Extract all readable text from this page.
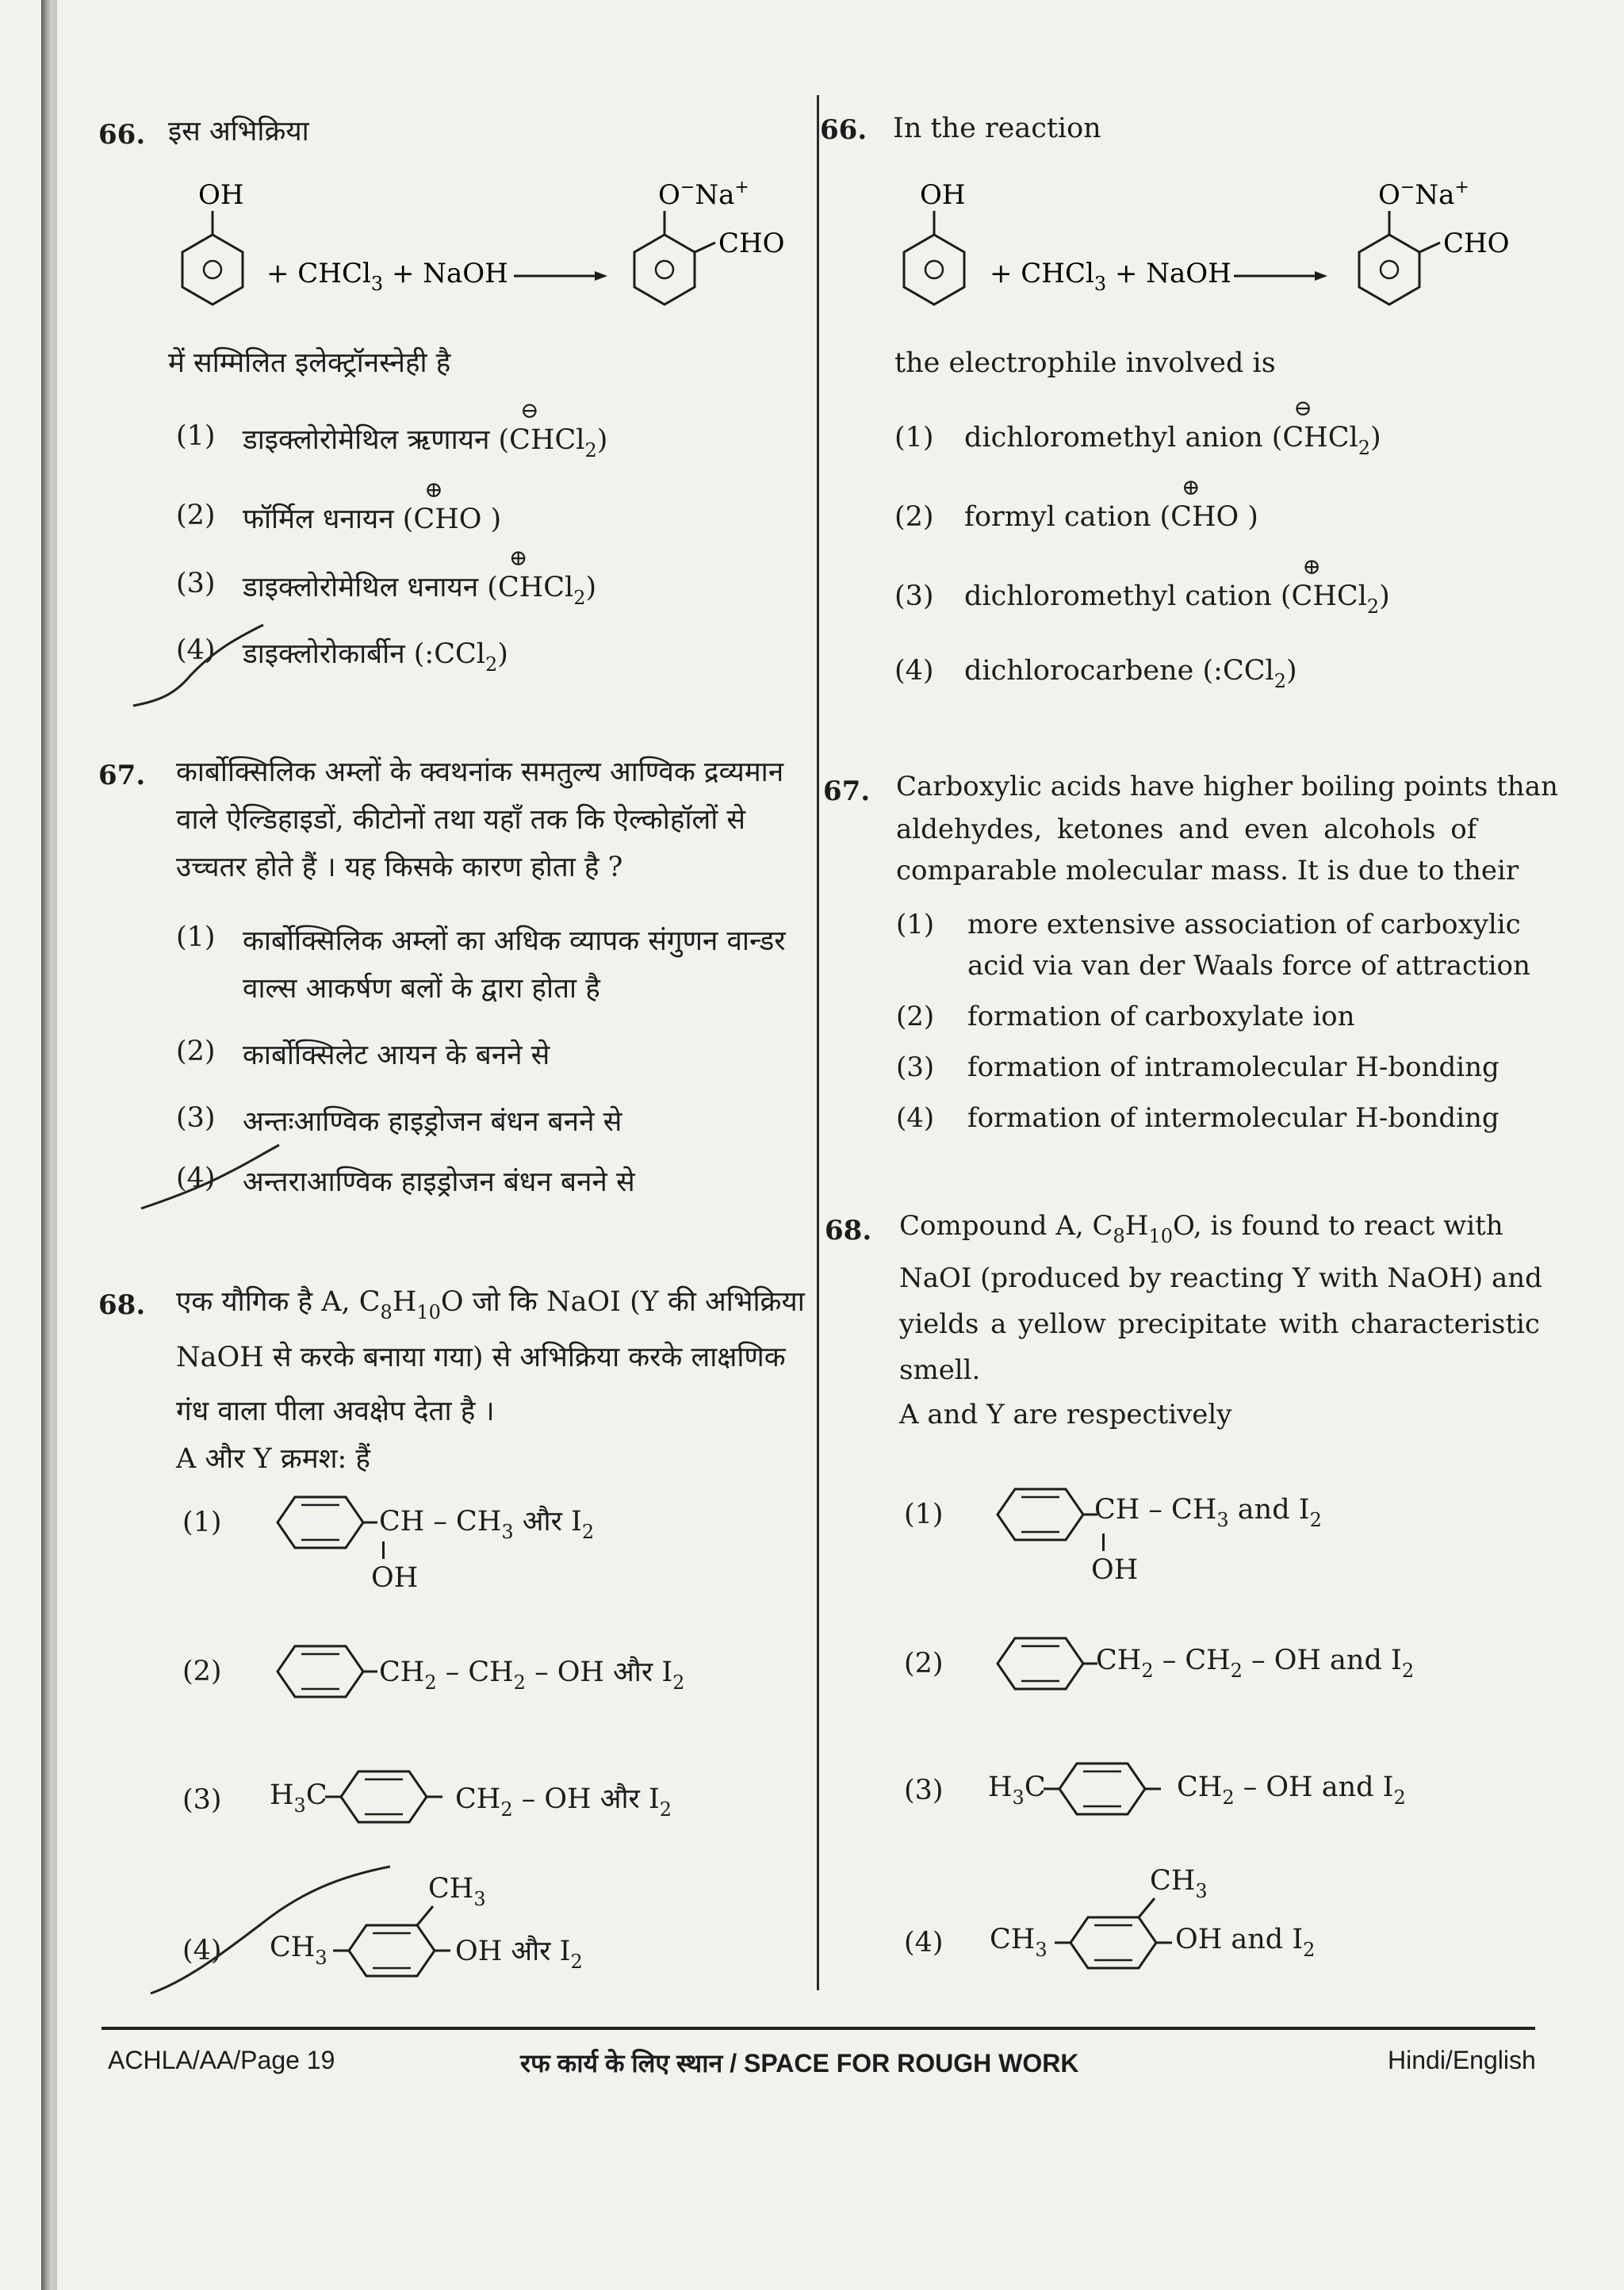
66. इस अभिक्रिया
OH
+ CHCl$_3$ + NaOH
O−Na+
CHO
में सम्मिलित इलेक्ट्रॉनस्नेही है
(1) डाइक्लोरोमेथिल ऋणायन (
⊖
CHCl$_2$)
(2) फॉर्मिल धनायन (
⊕
CHO )
(3) डाइक्लोरोमेथिल धनायन (
⊕
CHCl$_2$)
(4) डाइक्लोरोकार्बीन (:CCl$_2$)
67. कार्बोक्सिलिक अम्लों के क्वथनांक समतुल्य आण्विक द्रव्यमान
वाले ऐल्डिहाइडों, कीटोनों तथा यहाँ तक कि ऐल्कोहॉलों से
उच्चतर होते हैं । यह किसके कारण होता है ?
(1) कार्बोक्सिलिक अम्लों का अधिक व्यापक संगुणन वान्डर
वाल्स आकर्षण बलों के द्वारा होता है
(2) कार्बोक्सिलेट आयन के बनने से
(3) अन्तःआण्विक हाइड्रोजन बंधन बनने से
(4) अन्तराआण्विक हाइड्रोजन बंधन बनने से
68. एक यौगिक है A, $C_8H_{10}O$ जो कि NaOI (Y की अभिक्रिया
NaOH से करके बनाया गया) से अभिक्रिया करके लाक्षणिक
गंध वाला पीला अवक्षेप देता है ।
A और Y क्रमश: हैं
(1)	CH – $CH_3$ और $I_2$
OH
(2)	$CH_2 - CH_2$ – OH और $I_2$
(3) $H_3C$	$CH_2$ – OH और $I_2$
(4) $CH_3$
$CH_3$
OH और $I_2$
66. In the reaction
OH
+ CHCl$_3$ + NaOH
O−Na+
CHO
the electrophile involved is
(1) dichloromethyl anion (
⊖
CHCl$_2$)
(2) formyl cation (
⊕
CHO )
(3) dichloromethyl cation (
⊕
CHCl$_2$)
(4) dichlorocarbene (:CCl$_2$)
67. Carboxylic acids have higher boiling points than
aldehydes, ketones and even alcohols of
comparable molecular mass. It is due to their
(1) more extensive association of carboxylic
acid via van der Waals force of attraction
(2) formation of carboxylate ion
(3) formation of intramolecular H-bonding
(4) formation of intermolecular H-bonding
68. Compound A, $C_8H_{10}O$, is found to react with
NaOI (produced by reacting Y with NaOH) and
yields a yellow precipitate with characteristic
smell.
A and Y are respectively
(1)	CH – $CH_3$ and $I_2$
OH
(2)	$CH_2 - CH_2$ – OH and $I_2$
(3) $H_3C$	$CH_2$ – OH and $I_2$
(4) $CH_3$
$CH_3$
OH and $I_2$
ACHLA/AA/Page 19	रफ कार्य के लिए स्थान / SPACE FOR ROUGH WORK	Hindi/English
